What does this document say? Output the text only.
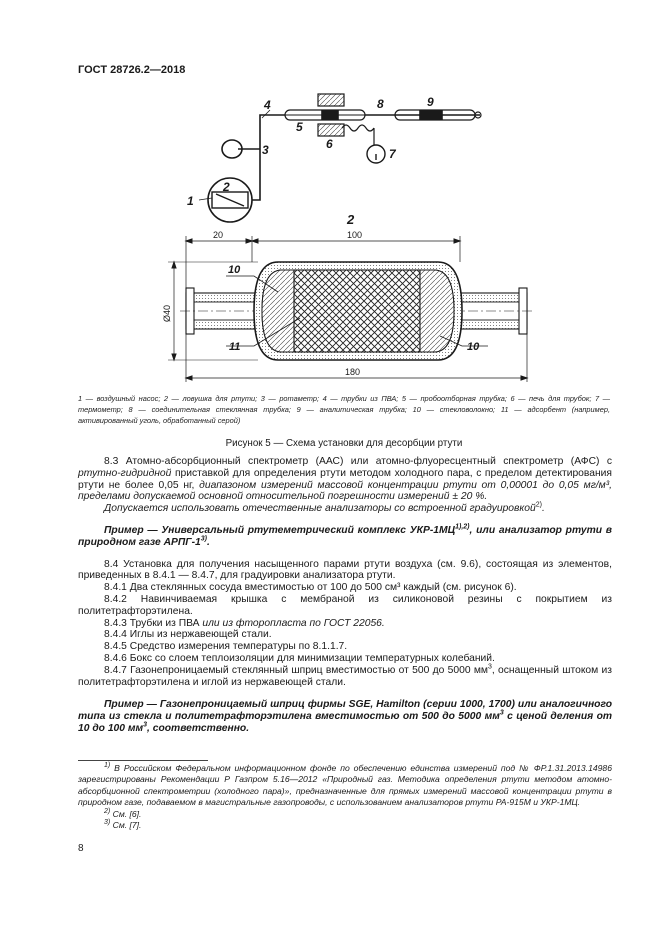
ГОСТ 28726.2—2018
4
5
6
8	9
7
3
2
1
2
10
11	10
20	100
180
Ø40
1 — воздушный насос; 2 — ловушка для ртути; 3 — ротаметр; 4 — трубки из ПВА; 5 — пробоотборная трубка; 6 — печь для трубок; 7 — термометр; 8 — соединительная стеклянная трубка; 9 — аналитическая трубка; 10 — стекловолокно; 11 — адсорбент (например, активированный уголь, обработанный серой)
Рисунок 5 — Схема установки для десорбции ртути

8.3 Атомно-абсорбционный спектрометр (ААС) или атомно-флуоресцентный спектрометр (АФС) с ртутно-гидридной приставкой для определения ртути методом холодного пара, с пределом детектирования ртути не более 0,05 нг, диапазоном измерений массовой концентрации ртути от 0,00001 до 0,05 мг/м³, пределами допускаемой основной относительной погрешности измерений ± 20 %.

Допускается использовать отечественные анализаторы со встроенной градуировкой$^{2)}$.

Пример — Универсальный ртутеметрический комплекс УКР-$1МЦ^{1),2)}$, или анализатор ртути в природном газе АРПГ-1$^{3)}$.

8.4 Установка для получения насыщенного парами ртути воздуха (см. 9.6), состоящая из элементов, приведенных в 8.4.1 — 8.4.7, для градуировки анализатора ртути.

8.4.1 Два стеклянных сосуда вместимостью от 100 до 500 см³ каждый (см. рисунок 6).

8.4.2 Навинчиваемая крышка с мембраной из силиконовой резины с покрытием из политетрафторэтилена.

8.4.3 Трубки из ПВА или из фторопласта по ГОСТ 22056.

8.4.4 Иглы из нержавеющей стали.

8.4.5 Средство измерения температуры по 8.1.1.7.

8.4.6 Бокс со слоем теплоизоляции для минимизации температурных колебаний.

8.4.7 Газонепроницаемый стеклянный шприц вместимостью от 500 до 5000 $мм^3$, оснащенный штоком из политетрафторэтилена и иглой из нержавеющей стали.

Пример — Газонепроницаемый шприц фирмы SGE, Hamilton (серии 1000, 1700) или аналогичного типа из стекла и политетрафторэтилена вместимостью от 500 до 5000 $мм^3$ с ценой деления от 10 до 100 $мм^3$, соответственно.

$^{1)}$ В Российском Федеральном информационном фонде по обеспечению единства измерений под № ФР.1.31.2013.14986 зарегистрированы Рекомендации Р Газпром 5.16—2012 «Природный газ. Методика определения ртути методом атомно-абсорбционной спектрометрии (холодного пара)», предназначенные для прямых измерений массовой концентрации ртути в природном газе, подаваемом в магистральные газопроводы, с использованием анализаторов ртути РА-915М и УКР-1МЦ.

$^{2)}$ См. [6].

$^{3)}$ См. [7].

8
